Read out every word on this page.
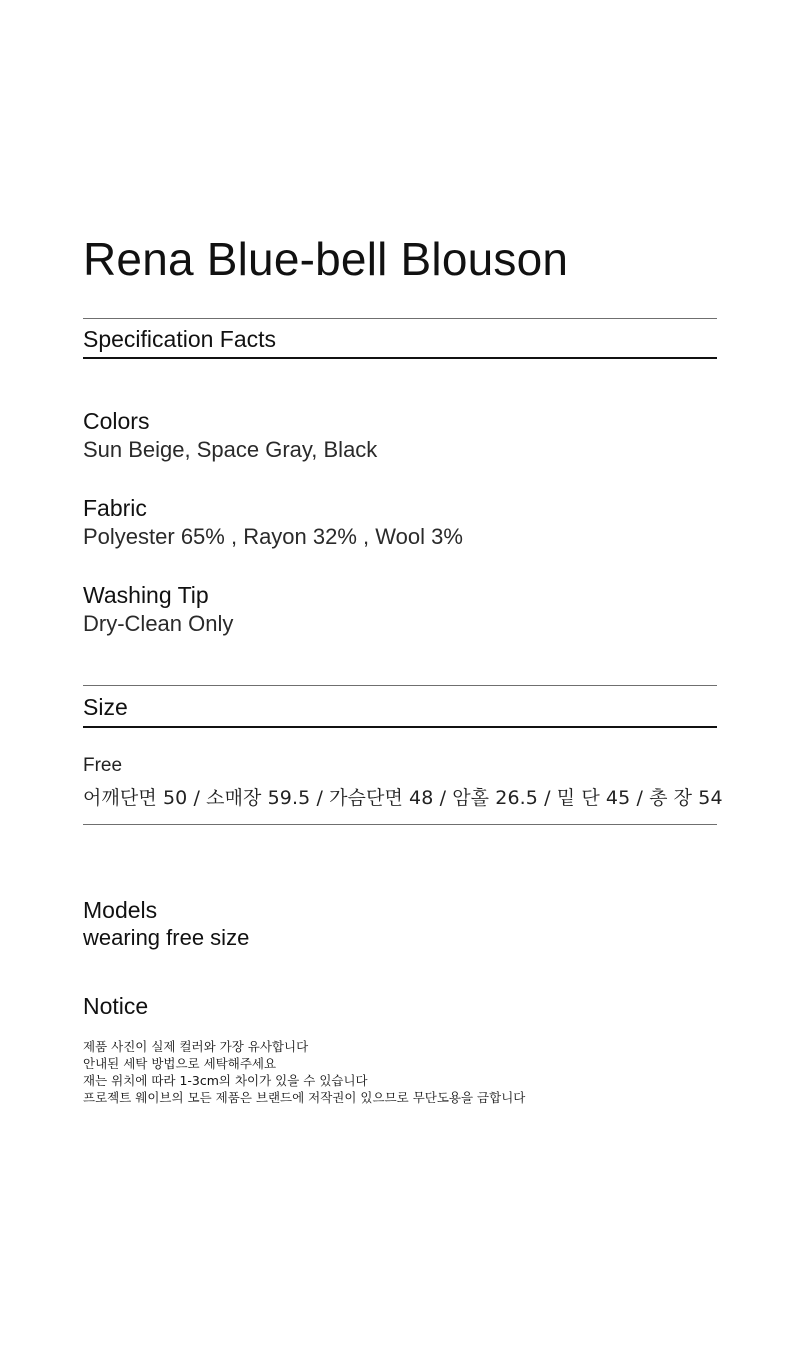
Rena Blue-bell Blouson
Specification Facts
Colors
Sun Beige, Space Gray, Black
Fabric
Polyester 65% , Rayon 32% , Wool 3%
Washing Tip
Dry-Clean Only
Size
Free
어깨단면 50 / 소매장 59.5 / 가슴단면 48 / 암홀 26.5 / 밑 단 45 / 총 장 54
Models
wearing free size
Notice
제품 사진이 실제 컬러와 가장 유사합니다
안내된 세탁 방법으로 세탁해주세요
재는 위치에 따라 1-3cm의 차이가 있을 수 있습니다
프로젝트 웨이브의 모든 제품은 브랜드에 저작권이 있으므로 무단도용을 금합니다
